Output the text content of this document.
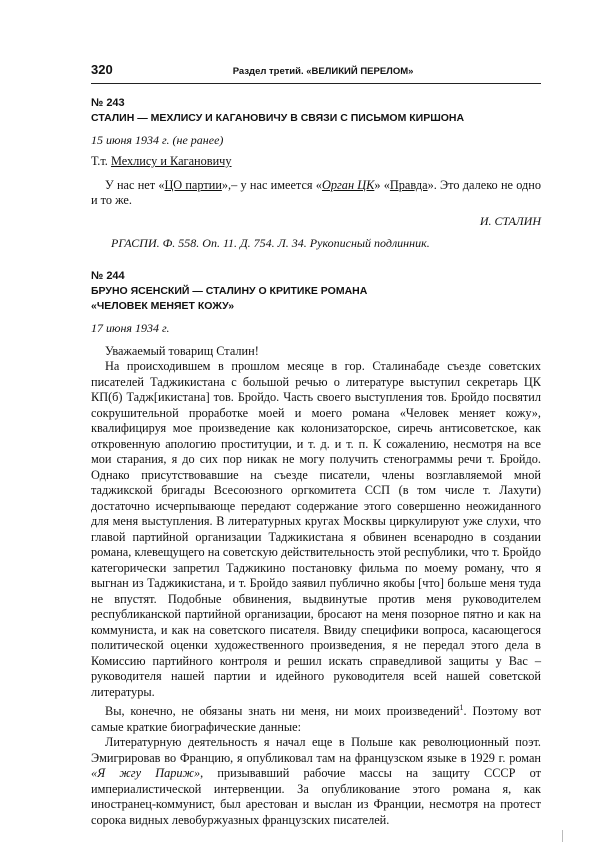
320	Раздел третий. «ВЕЛИКИЙ ПЕРЕЛОМ»

№ 243

СТАЛИН — МЕХЛИСУ И КАГАНОВИЧУ В СВЯЗИ С ПИСЬМОМ КИРШОНА

15 июня 1934 г. (не ранее)

Т.т. Мехлису и Кагановичу

У нас нет «ЦО партии»,– у нас имеется «Орган ЦК» «Правда». Это далеко не одно и то же.

И. СТАЛИН

РГАСПИ. Ф. 558. Оп. 11. Д. 754. Л. 34. Рукописный подлинник.

№ 244

БРУНО ЯСЕНСКИЙ — СТАЛИНУ О КРИТИКЕ РОМАНА

«ЧЕЛОВЕК МЕНЯЕТ КОЖУ»

17 июня 1934 г.

Уважаемый товарищ Сталин!

На происходившем в прошлом месяце в гор. Сталинабаде съезде советских писателей Таджикистана с большой речью о литературе выступил секретарь ЦК КП(б) Тадж[икистана] тов. Бройдо. Часть своего выступления тов. Бройдо посвятил сокрушительной проработке моей и моего романа «Человек меняет кожу», квалифицируя мое произведение как колонизаторское, сиречь антисоветское, как откровенную апологию проституции, и т. д. и т. п. К сожалению, несмотря на все мои старания, я до сих пор никак не могу получить стенограммы речи т. Бройдо. Однако присутствовавшие на съезде писатели, члены возглавляемой мной таджикской бригады Всесоюзного оргкомитета ССП (в том числе т. Лахути) достаточно исчерпывающе передают содержание этого совершенно неожиданного для меня выступления. В литературных кругах Москвы циркулируют уже слухи, что главой партийной организации Таджикистана я обвинен всенародно в создании романа, клевещущего на советскую действительность этой республики, что т. Бройдо категорически запретил Таджикино постановку фильма по моему роману, что я выгнан из Таджикистана, и т. Бройдо заявил публично якобы [что] больше меня туда не впустят. Подобные обвинения, выдвинутые против меня руководителем республиканской партийной организации, бросают на меня позорное пятно и как на коммуниста, и как на советского писателя. Ввиду специфики вопроса, касающегося политической оценки художественного произведения, я не передал этого дела в Комиссию партийного контроля и решил искать справедливой защиты у Вас – руководителя нашей партии и идейного руководителя всей нашей советской литературы.

Вы, конечно, не обязаны знать ни меня, ни моих произведений$^1$. Поэтому вот самые краткие биографические данные:

Литературную деятельность я начал еще в Польше как революционный поэт. Эмигрировав во Францию, я опубликовал там на французском языке в 1929 г. роман «Я жгу Париж», призывавший рабочие массы на защиту СССР от империалистической интервенции. За опубликование этого романа я, как иностранец-коммунист, был арестован и выслан из Франции, несмотря на протест сорока видных левобуржуазных французских писателей.
